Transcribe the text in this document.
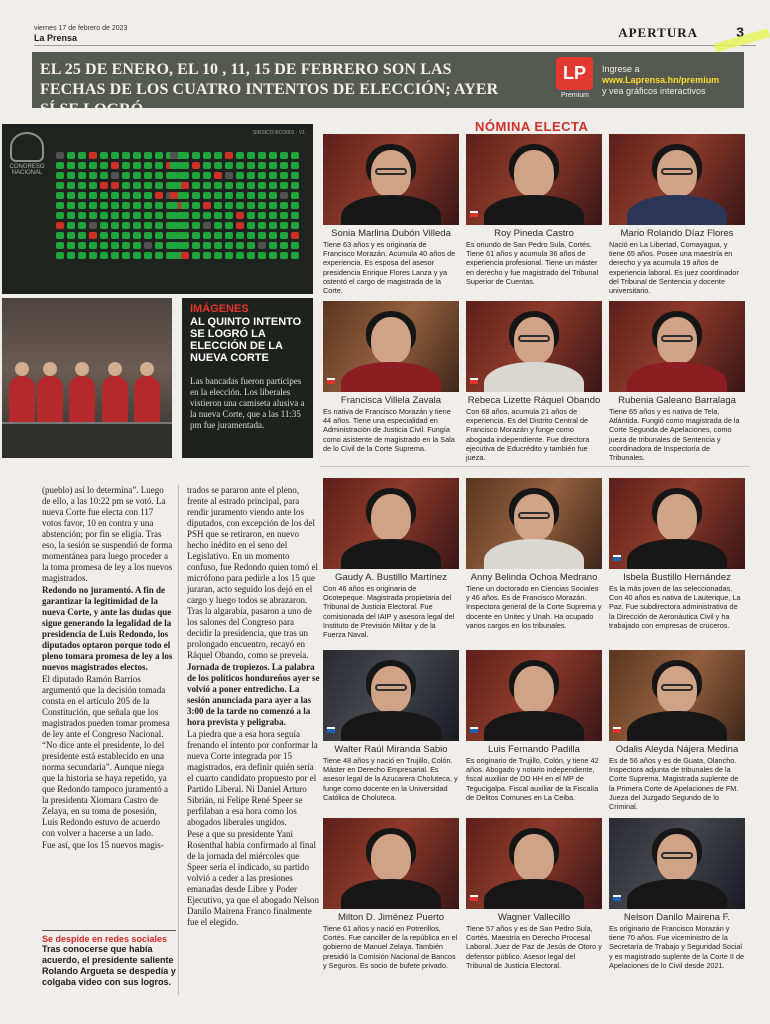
viernes 17 de febrero de 2023
La Prensa	APERTURA	3
EL 25 DE ENERO, EL 10 , 11, 15 DE FEBRERO SON LAS FECHAS DE LOS CUATRO INTENTOS DE ELECCIÓN; AYER SÍ SE LOGRÓ
LP
Premium
Ingrese a
www.Laprensa.hn/premium
y vea gráficos interactivos
CONGRESO NACIONAL
SIRSICO-BCO001 · V1
IMÁGENES
AL QUINTO INTENTO SE LOGRÓ LA ELECCIÓN DE LA NUEVA CORTE
Las bancadas fueron partícipes en la elección. Los liberales vistieron una camiseta alusiva a la nueva Corte, que a las 11:35 pm fue juramentada.

(pueblo) así lo determina”. Luego de ello, a las 10:22 pm se votó. La nueva Corte fue electa con 117 votos favor, 10 en contra y una abstención; por fin se eligía. Tras eso, la sesión se suspendió de forma momentánea para luego proceder a la toma promesa de ley a los nuevos magistrados.

Redondo no juramentó. A fin de garantizar la legitimidad de la nueva Corte, y ante las dudas que sigue generando la legalidad de la presidencia de Luis Redondo, los diputados optaron porque todo el pleno tomara promesa de ley a los nuevos magistrados electos.

El diputado Ramón Barrios argumentó que la decisión tomada consta en el artículo 205 de la Constitución, que señala que los magistrados pueden tomar promesa de ley ante el Congreso Nacional. “No dice ante el presidente, lo del presidente está establecido en una norma secundaria”. Aunque niega que la historia se haya repetido, ya que Redondo tampoco juramentó a la presidenta Xiomara Castro de Zelaya, en su toma de posesión, Luis Redondo estuvo de acuerdo con volver a hacerse a un lado.

Fue así, que los 15 nuevos magis-

trados se pararon ante el pleno, frente al estrado principal, para rendir juramento viendo ante los diputados, con excepción de los del PSH que se retiraron, en nuevo hecho inédito en el seno del Legislativo. En un momento confuso, fue Redondo quien tomó el micrófono para pedirle a los 15 que juraran, acto seguido los dejó en el cargo y luego todos se abrazaron. Tras la algarabía, pasaron a uno de los salones del Congreso para decidir la presidencia, que tras un prolongado encuentro, recayó en Ráquel Obando, como se preveía.

Jornada de tropiezos. La palabra de los políticos hondureños ayer se volvió a poner entredicho. La sesión anunciada para ayer a las 3:00 de la tarde no comenzó a la hora prevista y peligraba.

La piedra que a esa hora seguía frenando el intento por conformar la nueva Corte integrada por 15 magistrados, era definir quién sería el cuarto candidato propuesto por el Partido Liberal. Ni Daniel Arturo Sibrián, ni Felipe René Speer se perfilaban a esa hora como los abogados liberales ungidos.

Pese a que su presidente Yani Rosenthal había confirmado al final de la jornada del miércoles que Speer sería el indicado, su partido volvió a ceder a las presiones emanadas desde Libre y Poder Ejecutivo, ya que el abogado Nelson Danilo Mairena Franco finalmente fue el elegido.

Se despide en redes sociales
Tras conocerse que había acuerdo, el presidente saliente Rolando Argueta se despedía y colgaba video con sus logros.
NÓMINA ELECTA
Sonia Marlina Dubón Villeda
Tiene 63 años y es originaria de Francisco Morazán. Acumula 40 años de experiencia. Es esposa del asesor presidencia Enrique Flores Lanza y ya ostentó el cargo de magistrada de la Corte.
Roy Pineda Castro
Es oriundo de San Pedro Sula, Cortés. Tiene 61 años y acumula 36 años de experiencia profesional. Tiene un máster en derecho y fue magistrado del Tribunal Superior de Cuentas.
Mario Rolando Díaz Flores
Nació en La Libertad, Comayagua, y tiene 65 años. Posee una maestría en derecho y ya acumula 19 años de experiencia laboral. Es juez coordinador del Tribunal de Sentencia y docente universitario.
Francisca Villela Zavala
Es nativa de Francisco Morazán y tiene 44 años. Tiene una especialidad en Administración de Justicia Civil. Fungía como asistente de magistrado en la Sala de lo Civil de la Corte Suprema.
Rebeca Lizette Ráquel Obando
Con 68 años, acumula 21 años de experiencia. Es del Distrito Central de Francisco Morazán y funge como abogada independiente. Fue directora ejecutiva de Educrédito y también fue jueza.
Rubenia Galeano Barralaga
Tiene 65 años y es nativa de Tela, Atlántida. Fungió como magistrada de la Corte Segunda de Apelaciones, como jueza de tribunales de Sentencia y coordinadora de Inspectoría de Tribunales.
Gaudy A. Bustillo Martínez
Con 46 años es originaria de Ocotepeque. Magistrada propietaria del Tribunal de Justicia Electoral. Fue comisionada del IAIP y asesora legal del Instituto de Previsión Militar y de la Fuerza Naval.
Anny Belinda Ochoa Medrano
Tiene un doctorado en Ciencias Sociales y 46 años. Es de Francisco Morazán. Inspectora general de la Corte Suprema y docente en Unitec y Unah. Ha ocupado varios cargos en los tribunales.
Isbela Bustillo Hernández
Es la más joven de las seleccionadas. Con 40 años es nativa de Lauterique, La Paz. Fue subdirectora administrativa de la Dirección de Aeronáutica Civil y ha trabajado con empresas de cruceros.
Walter Raúl Miranda Sabio
Tiene 48 años y nació en Trujillo, Colón. Máster en Derecho Empresarial. Es asesor legal de la Azucarera Choluteca, y funge como docente en la Universidad Católica de Choluteca.
Luis Fernando Padilla
Es originario de Trujillo, Colón, y tiene 42 años. Abogado y notario independiente, fiscal auxiliar de DD HH en el MP de Tegucigalpa. Fiscal auxiliar de la Fiscalía de Delitos Comunes en La Ceiba.
Odalis Aleyda Nájera Medina
Es de 56 años y es de Guata, Olancho. Inspectora adjunta de tribunales de la Corte Suprema. Magistrada suplente de la Primera Corte de Apelaciones de FM. Jueza del Juzgado Segundo de lo Criminal.
Milton D. Jiménez Puerto
Tiene 61 años y nació en Potrerillos, Cortés. Fue canciller de la república en el gobierno de Manuel Zelaya. También presidió la Comisión Nacional de Bancos y Seguros. Es socio de bufete privado.
Wagner Vallecillo
Tiene 57 años y es de San Pedro Sula, Cortés. Maestría en Derecho Procesal Laboral. Juez de Paz de Jesús de Otoro y defensor público. Asesor legal del Tribunal de Justicia Electoral.
Nelson Danilo Mairena F.
Es originario de Francisco Morazán y tiene 70 años. Fue viceministro de la Secretaría de Trabajo y Seguridad Social y es magistrado suplente de la Corte II de Apelaciones de lo Civil desde 2021.
